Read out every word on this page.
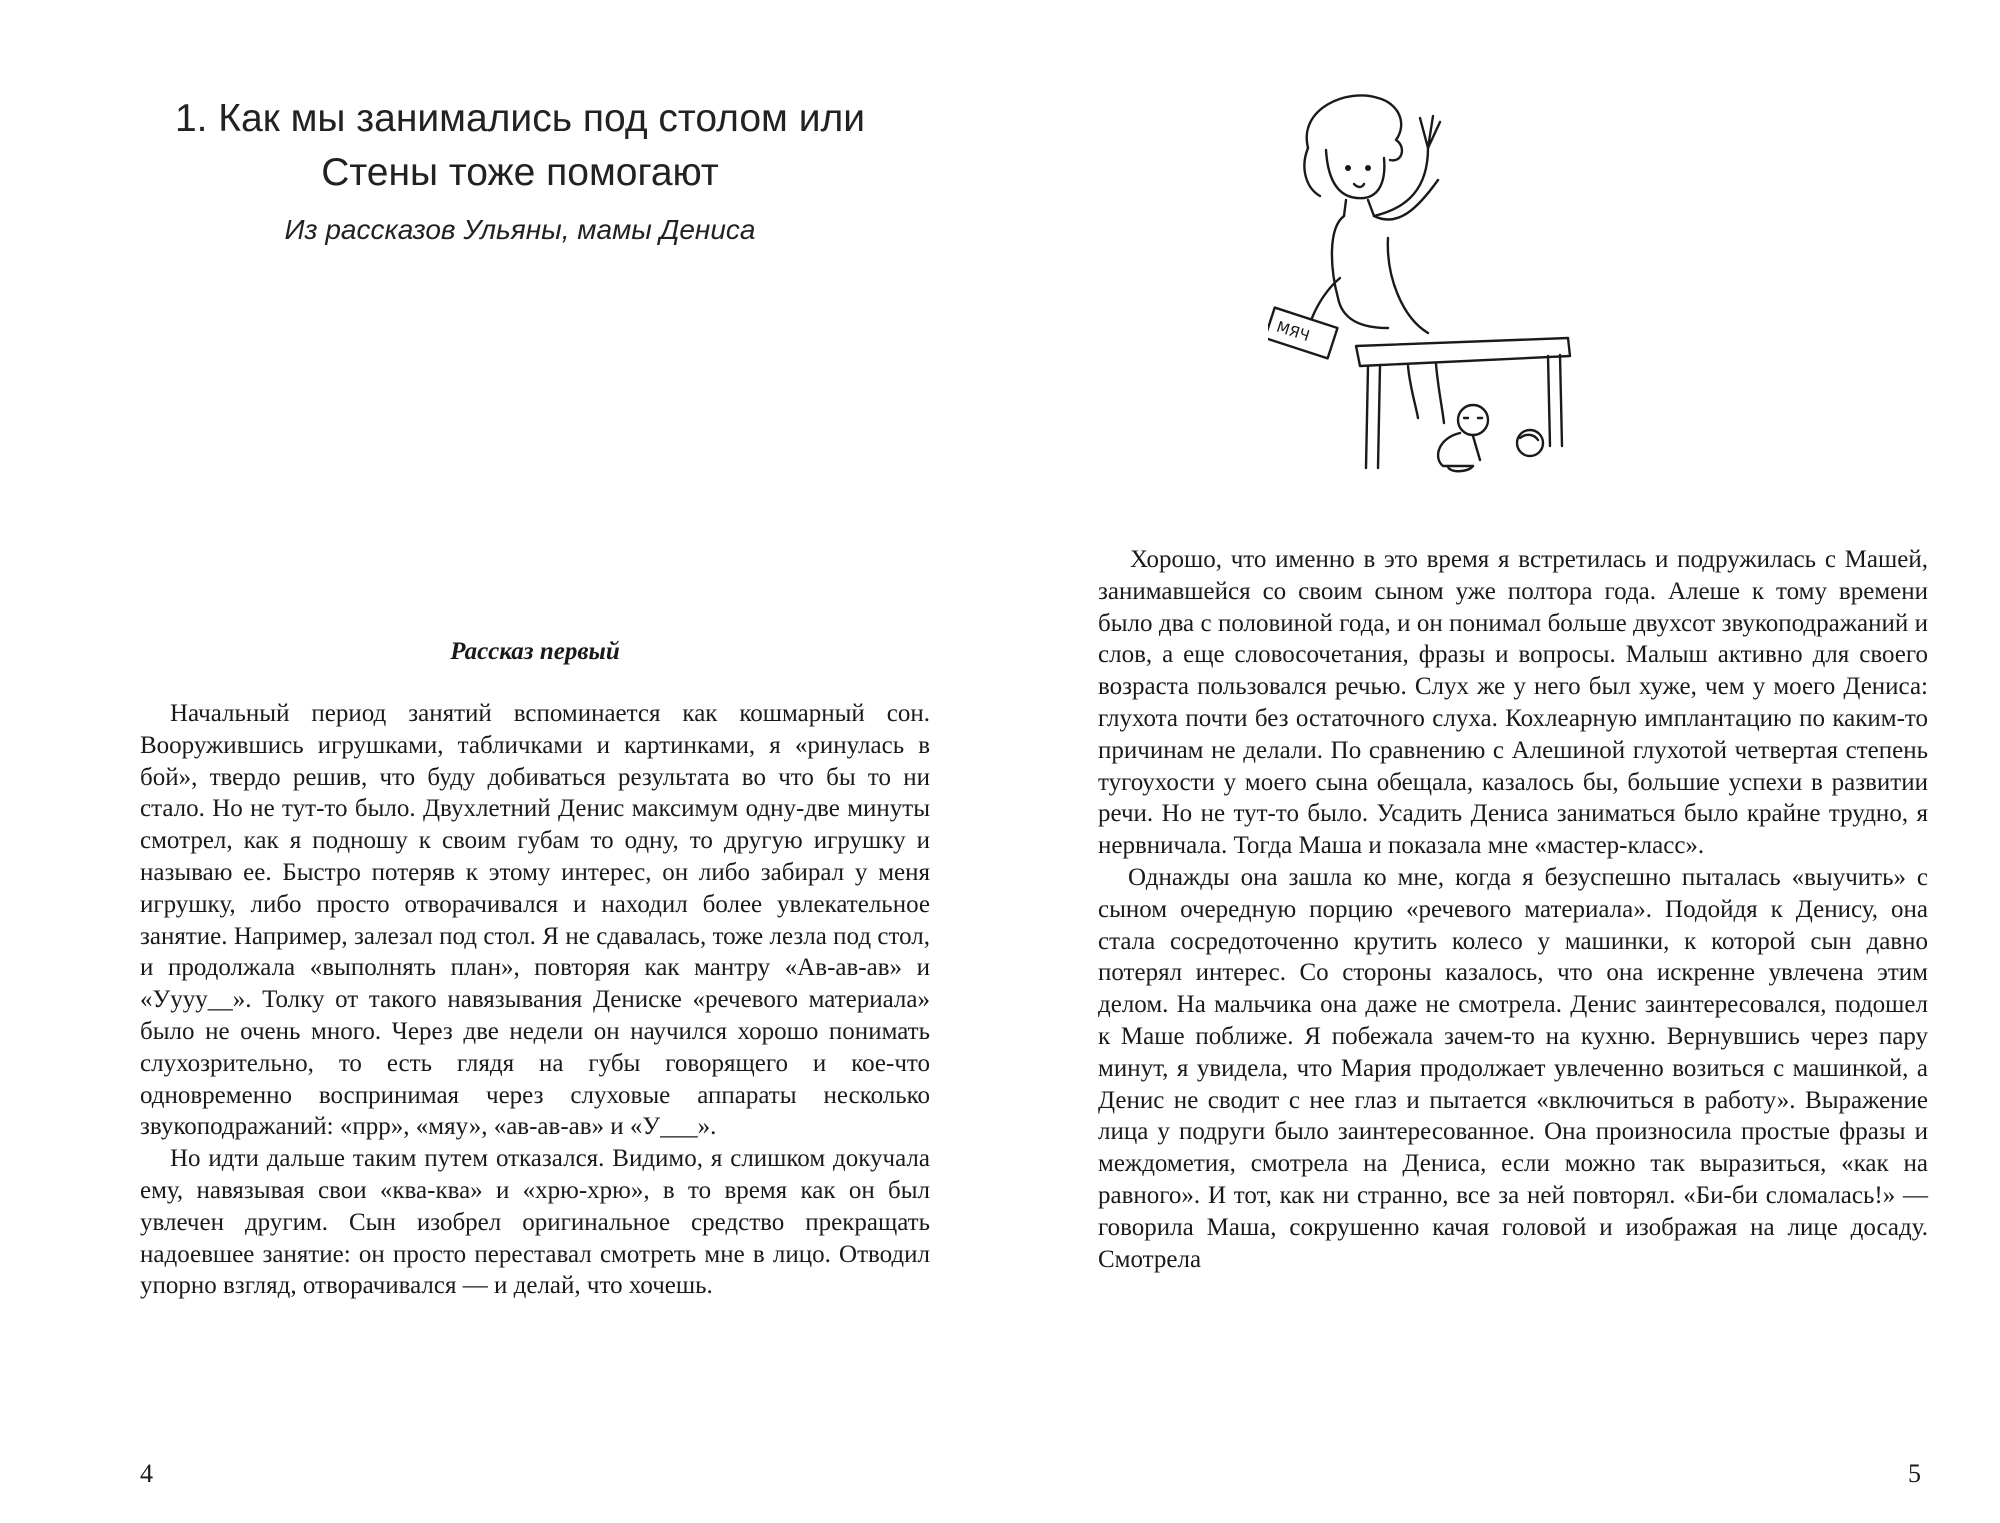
1. Как мы занимались под столом или
Стены тоже помогают
Из рассказов Ульяны, мамы Дениса
Рассказ первый

Начальный период занятий вспоминается как кошмарный сон. Вооружившись игрушками, табличками и картинками, я «ринулась в бой», твердо решив, что буду добиваться результата во что бы то ни стало. Но не тут-то было. Двухлетний Денис максимум одну-две минуты смотрел, как я подношу к своим губам то одну, то другую игрушку и называю ее. Быстро потеряв к этому интерес, он либо забирал у меня игрушку, либо просто отворачивался и находил более увлекательное занятие. Например, залезал под стол. Я не сдавалась, тоже лезла под стол, и продолжала «выполнять план», повторяя как мантру «Ав-ав-ав» и «Уууу__». Толку от такого навязывания Дениске «речевого материала» было не очень много. Через две недели он научился хорошо понимать слухозрительно, то есть глядя на губы говорящего и кое-что одновременно воспринимая через слуховые аппараты несколько звукоподражаний: «прр», «мяу», «ав-ав-ав» и «У___».

Но идти дальше таким путем отказался. Видимо, я слишком докучала ему, навязывая свои «ква-ква» и «хрю-хрю», в то время как он был увлечен другим. Сын изобрел оригинальное средство прекращать надоевшее занятие: он просто переставал смотреть мне в лицо. Отводил упорно взгляд, отворачивался — и делай, что хочешь.

4
МЯЧ

Хорошо, что именно в это время я встретилась и подружилась с Машей, занимавшейся со своим сыном уже полтора года. Алеше к тому времени было два с половиной года, и он понимал больше двухсот звукоподражаний и слов, а еще словосочетания, фразы и вопросы. Малыш активно для своего возраста пользовался речью. Слух же у него был хуже, чем у моего Дениса: глухота почти без остаточного слуха. Кохлеарную имплантацию по каким-то причинам не делали. По сравнению с Алешиной глухотой четвертая степень тугоухости у моего сына обещала, казалось бы, большие успехи в развитии речи. Но не тут-то было. Усадить Дениса заниматься было крайне трудно, я нервничала. Тогда Маша и показала мне «мастер-класс».

Однажды она зашла ко мне, когда я безуспешно пыталась «выучить» с сыном очередную порцию «речевого материала». Подойдя к Денису, она стала сосредоточенно крутить колесо у машинки, к которой сын давно потерял интерес. Со стороны казалось, что она искренне увлечена этим делом. На мальчика она даже не смотрела. Денис заинтересовался, подошел к Маше поближе. Я побежала зачем-то на кухню. Вернувшись через пару минут, я увидела, что Мария продолжает увлеченно возиться с машинкой, а Денис не сводит с нее глаз и пытается «включиться в работу». Выражение лица у подруги было заинтересованное. Она произносила простые фразы и междометия, смотрела на Дениса, если можно так выразиться, «как на равного». И тот, как ни странно, все за ней повторял. «Би-би сломалась!» — говорила Маша, сокрушенно качая головой и изображая на лице досаду. Смотрела

5
